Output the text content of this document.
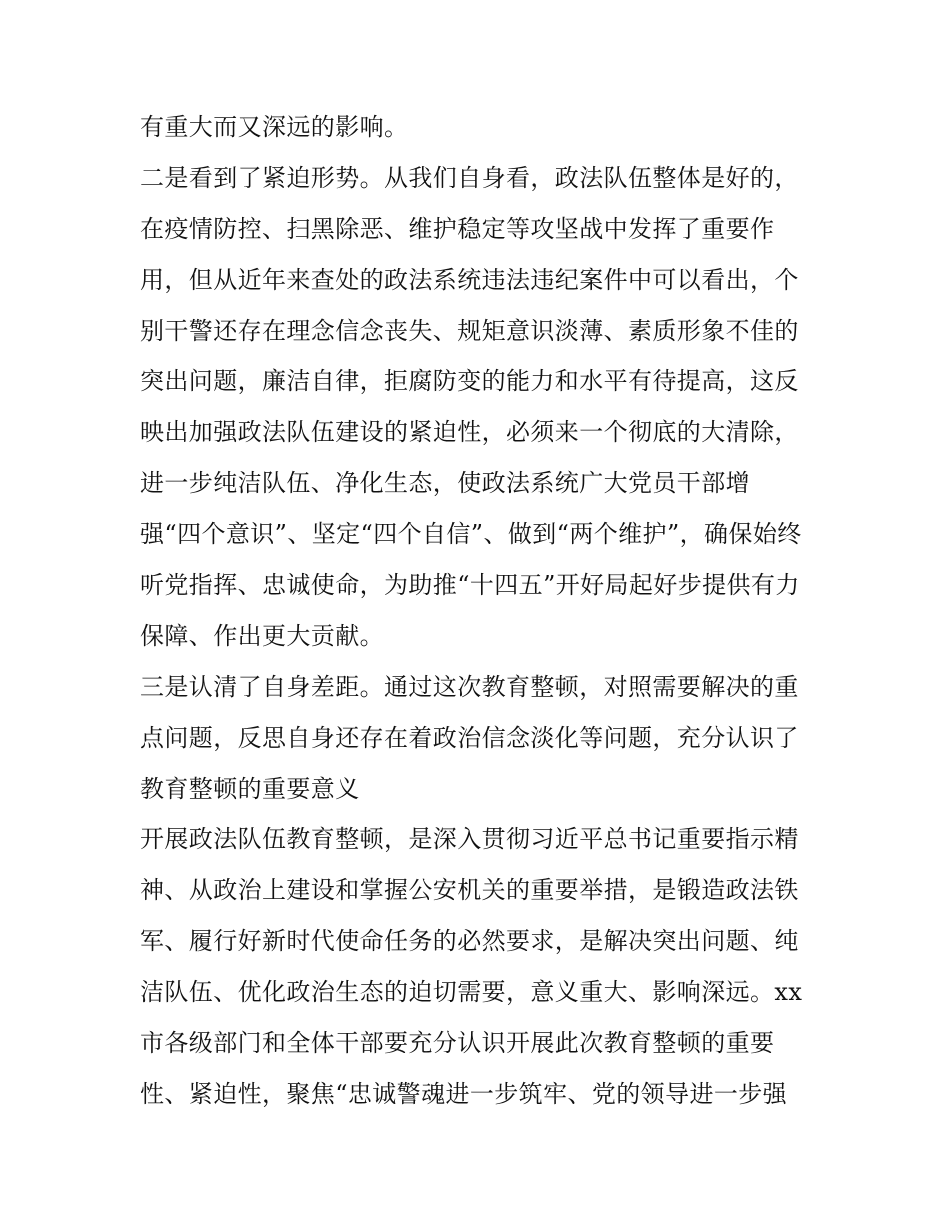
有重大而又深远的影响。
二是看到了紧迫形势。从我们自身看，政法队伍整体是好的，
在疫情防控、扫黑除恶、维护稳定等攻坚战中发挥了重要作
用，但从近年来查处的政法系统违法违纪案件中可以看出，个
别干警还存在理念信念丧失、规矩意识淡薄、素质形象不佳的
突出问题，廉洁自律，拒腐防变的能力和水平有待提高，这反
映出加强政法队伍建设的紧迫性，必须来一个彻底的大清除，
进一步纯洁队伍、净化生态，使政法系统广大党员干部增
强“四个意识”、坚定“四个自信”、做到“两个维护”，确保始终
听党指挥、忠诚使命，为助推“十四五”开好局起好步提供有力
保障、作出更大贡献。
三是认清了自身差距。通过这次教育整顿，对照需要解决的重
点问题，反思自身还存在着政治信念淡化等问题，充分认识了
教育整顿的重要意义
开展政法队伍教育整顿，是深入贯彻习近平总书记重要指示精
神、从政治上建设和掌握公安机关的重要举措，是锻造政法铁
军、履行好新时代使命任务的必然要求，是解决突出问题、纯
洁队伍、优化政治生态的迫切需要，意义重大、影响深远。xx
市各级部门和全体干部要充分认识开展此次教育整顿的重要
性、紧迫性，聚焦“忠诚警魂进一步筑牢、党的领导进一步强
